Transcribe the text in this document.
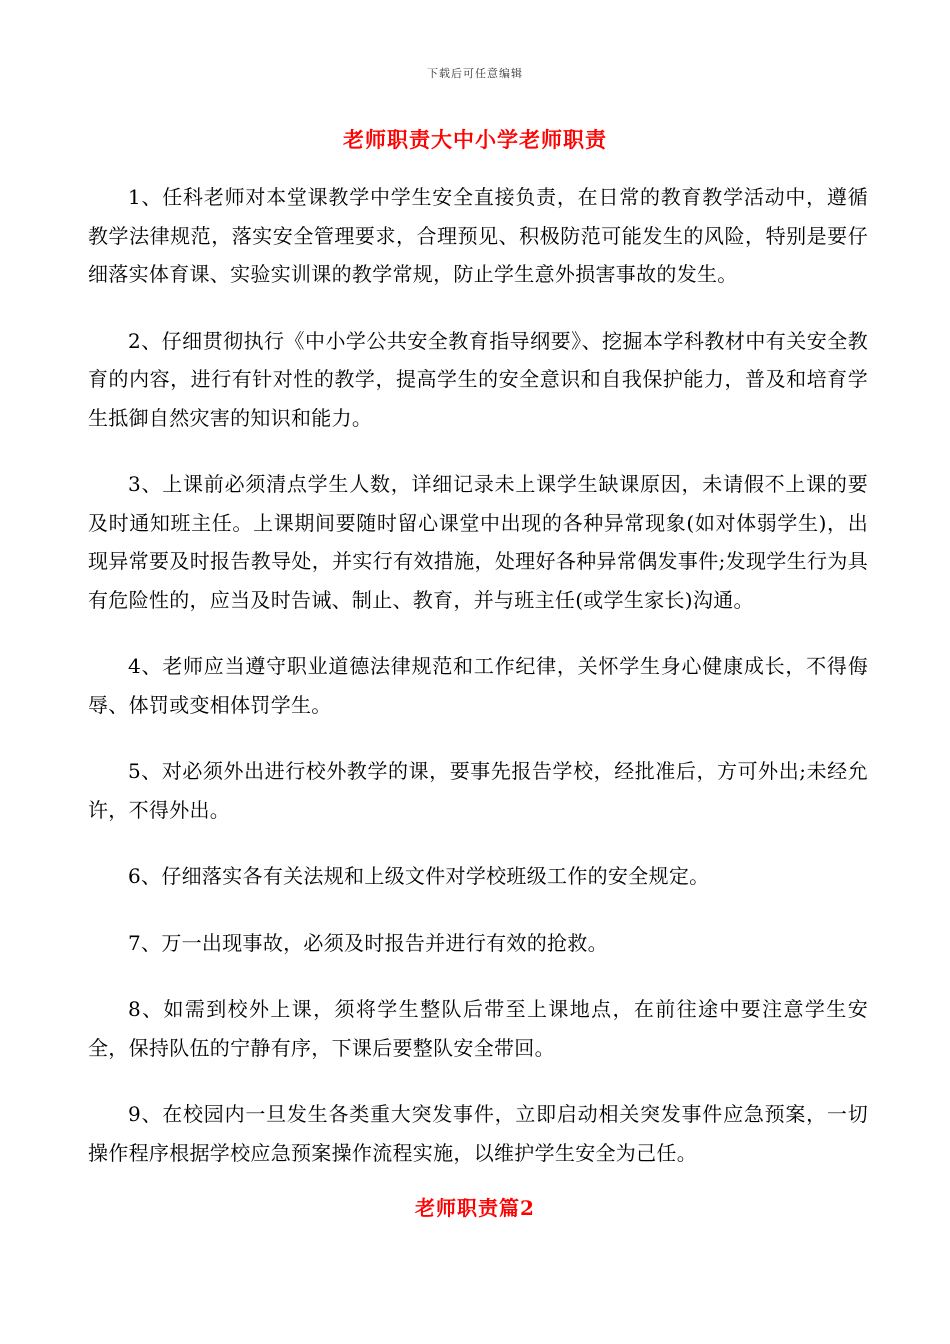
下载后可任意编辑
老师职责大中小学老师职责

1、任科老师对本堂课教学中学生安全直接负责，在日常的教育教学活动中，遵循教学法律规范，落实安全管理要求，合理预见、积极防范可能发生的风险，特别是要仔细落实体育课、实验实训课的教学常规，防止学生意外损害事故的发生。

2、仔细贯彻执行《中小学公共安全教育指导纲要》、挖掘本学科教材中有关安全教育的内容，进行有针对性的教学，提高学生的安全意识和自我保护能力，普及和培育学生抵御自然灾害的知识和能力。

3、上课前必须清点学生人数，详细记录未上课学生缺课原因，未请假不上课的要及时通知班主任。上课期间要随时留心课堂中出现的各种异常现象(如对体弱学生)，出现异常要及时报告教导处，并实行有效措施，处理好各种异常偶发事件;发现学生行为具有危险性的，应当及时告诫、制止、教育，并与班主任(或学生家长)沟通。

4、老师应当遵守职业道德法律规范和工作纪律，关怀学生身心健康成长，不得侮辱、体罚或变相体罚学生。

5、对必须外出进行校外教学的课，要事先报告学校，经批准后，方可外出;未经允许，不得外出。

6、仔细落实各有关法规和上级文件对学校班级工作的安全规定。

7、万一出现事故，必须及时报告并进行有效的抢救。

8、如需到校外上课，须将学生整队后带至上课地点，在前往途中要注意学生安全，保持队伍的宁静有序，下课后要整队安全带回。

9、在校园内一旦发生各类重大突发事件，立即启动相关突发事件应急预案，一切操作程序根据学校应急预案操作流程实施，以维护学生安全为己任。

老师职责篇2
